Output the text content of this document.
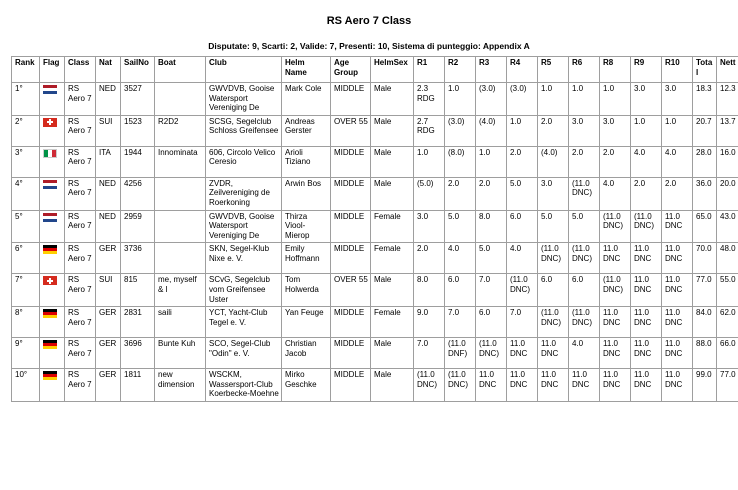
RS Aero 7 Class
Disputate: 9, Scarti: 2, Valide: 7, Presenti: 10, Sistema di punteggio: Appendix A
Rank	Flag	Class	Nat	SailNo	Boat	Club	Helm Name	Age Group	HelmSex	R1	R2	R3	R4	R5	R6	R8	R9	R10	Total	Nett
1°		RS Aero 7	NED	3527		GWVDVB, Gooise Watersport Vereniging De	Mark Cole	MIDDLE	Male	2.3 RDG	1.0	(3.0)	(3.0)	1.0	1.0	1.0	3.0	3.0	18.3	12.3
2°		RS Aero 7	SUI	1523	R2D2	SCSG, Segelclub Schloss Greifensee	Andreas Gerster	OVER 55	Male	2.7 RDG	(3.0)	(4.0)	1.0	2.0	3.0	3.0	1.0	1.0	20.7	13.7
3°		RS Aero 7	ITA	1944	Innominata	606, Circolo Velico Ceresio	Arioli Tiziano	MIDDLE	Male	1.0	(8.0)	1.0	2.0	(4.0)	2.0	2.0	4.0	4.0	28.0	16.0
4°		RS Aero 7	NED	4256		ZVDR, Zeilvereniging de Roerkoning	Arwin Bos	MIDDLE	Male	(5.0)	2.0	2.0	5.0	3.0	(11.0 DNC)	4.0	2.0	2.0	36.0	20.0
5°		RS Aero 7	NED	2959		GWVDVB, Gooise Watersport Vereniging De	Thirza Viool-Mierop	MIDDLE	Female	3.0	5.0	8.0	6.0	5.0	5.0	(11.0 DNC)	(11.0 DNC)	11.0 DNC	65.0	43.0
6°		RS Aero 7	GER	3736		SKN, Segel-Klub Nixe e. V.	Emily Hoffmann	MIDDLE	Female	2.0	4.0	5.0	4.0	(11.0 DNC)	(11.0 DNC)	11.0 DNC	11.0 DNC	11.0 DNC	70.0	48.0
7°		RS Aero 7	SUI	815	me, myself & I	SCvG, Segelclub vom Greifensee Uster	Tom Holwerda	OVER 55	Male	8.0	6.0	7.0	(11.0 DNC)	6.0	6.0	(11.0 DNC)	11.0 DNC	11.0 DNC	77.0	55.0
8°		RS Aero 7	GER	2831	saili	YCT, Yacht-Club Tegel e. V.	Yan Feuge	MIDDLE	Female	9.0	7.0	6.0	7.0	(11.0 DNC)	(11.0 DNC)	11.0 DNC	11.0 DNC	11.0 DNC	84.0	62.0
9°		RS Aero 7	GER	3696	Bunte Kuh	SCO, Segel-Club "Odin" e. V.	Christian Jacob	MIDDLE	Male	7.0	(11.0 DNF)	(11.0 DNC)	11.0 DNC	11.0 DNC	4.0	11.0 DNC	11.0 DNC	11.0 DNC	88.0	66.0
10°		RS Aero 7	GER	1811	new dimension	WSCKM, Wassersport-Club Koerbecke-Moehne	Mirko Geschke	MIDDLE	Male	(11.0 DNC)	(11.0 DNC)	11.0 DNC	11.0 DNC	11.0 DNC	11.0 DNC	11.0 DNC	11.0 DNC	11.0 DNC	99.0	77.0
